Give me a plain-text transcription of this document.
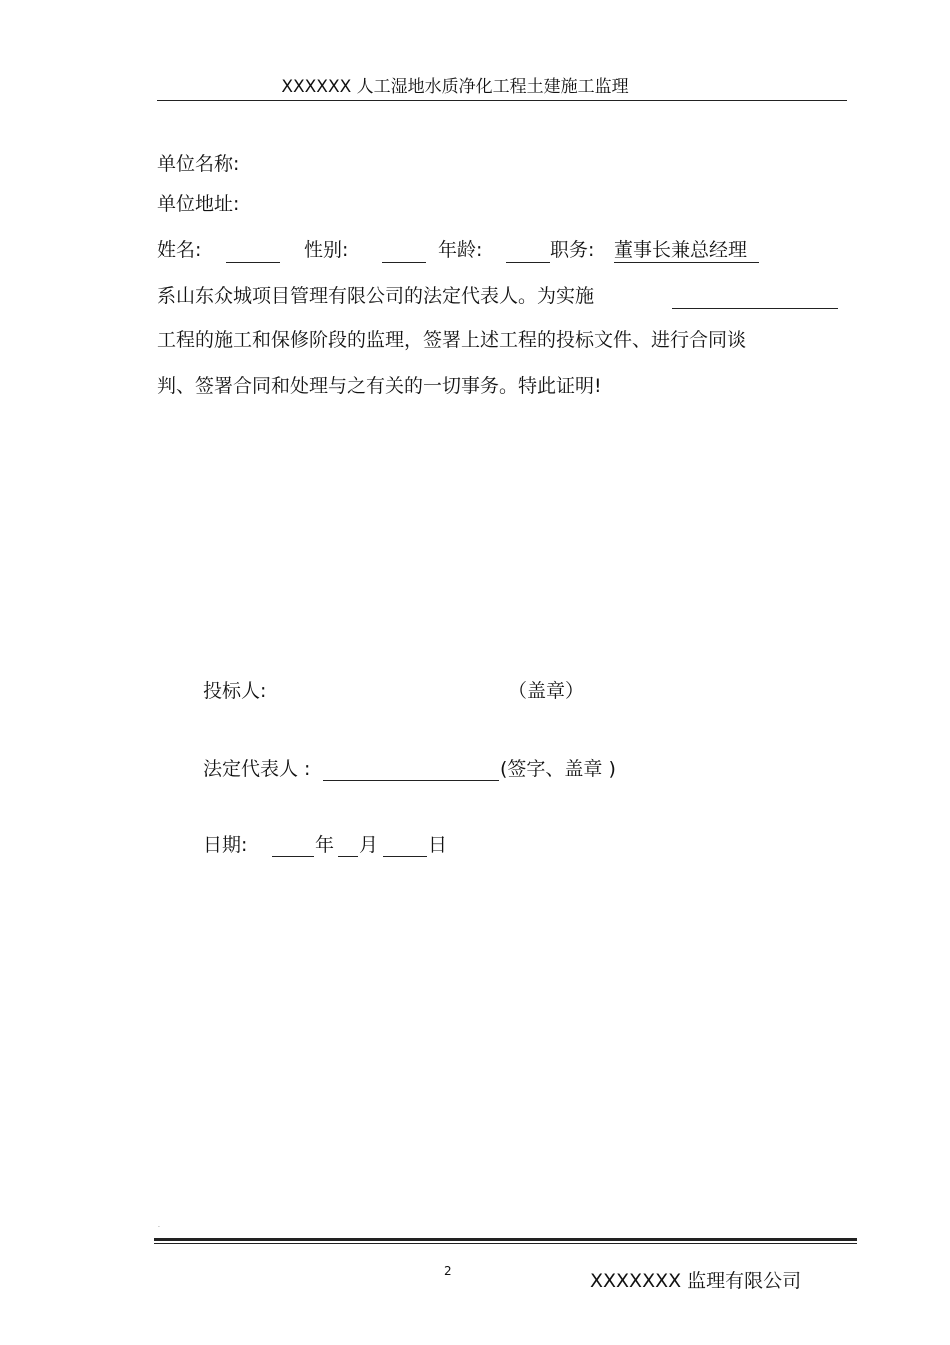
XXXXXX 人工湿地水质净化工程土建施工监理
单位名称:
单位地址:
姓名:	性别:	年龄:	职务: 董事长兼总经理
系山东众城项目管理有限公司的法定代表人。为实施
工程的施工和保修阶段的监理，签署上述工程的投标文件、进行合同谈
判、签署合同和处理与之有关的一切事务。特此证明!
投标人:	（盖章）
法定代表人 :	(签字、盖章 )
日期:	年 月	日
.
2	XXXXXXX 监理有限公司
